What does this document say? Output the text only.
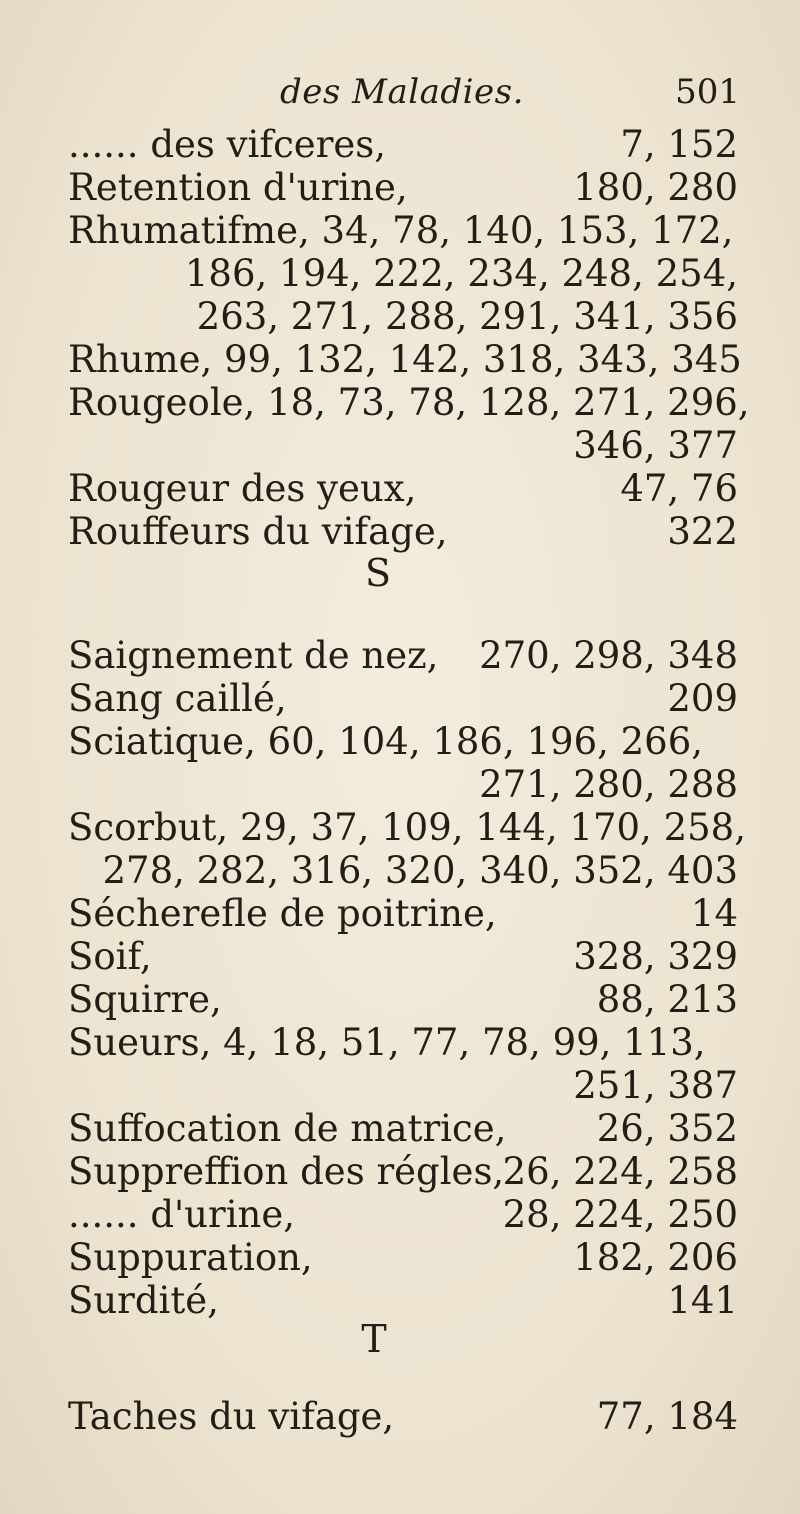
des Maladies.	501
...... des vifceres,	7, 152
Retention d'urine,	180, 280
Rhumatifme, 34, 78, 140, 153, 172,
186, 194, 222, 234, 248, 254,
263, 271, 288, 291, 341, 356
Rhume, 99, 132, 142, 318, 343, 345
Rougeole, 18, 73, 78, 128, 271, 296,
346, 377
Rougeur des yeux,	47, 76
Rouffeurs du vifage,	322
S
Saignement de nez, 270, 298, 348
Sang caillé,	209
Sciatique, 60, 104, 186, 196, 266,
271, 280, 288
Scorbut, 29, 37, 109, 144, 170, 258,
278, 282, 316, 320, 340, 352, 403
Sécherefle de poitrine,	14
Soif,	328, 329
Squirre,	88, 213
Sueurs, 4, 18, 51, 77, 78, 99, 113,
251, 387
Suffocation de matrice, 26, 352
Suppreffion des régles,
26, 224, 258
...... d'urine,	28, 224, 250
Suppuration,	182, 206
Surdité,	141
T
Taches du vifage,	77, 184
